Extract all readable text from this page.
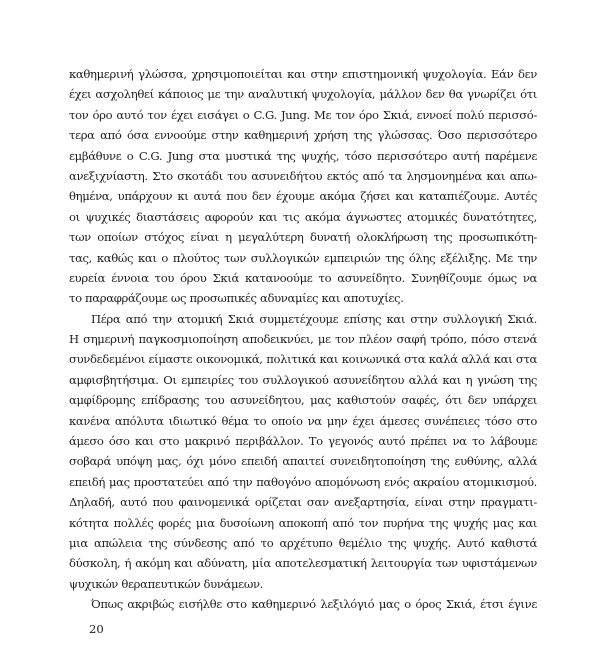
καθημερινή γλώσσα, χρησιμοποιείται και στην επιστημονική ψυχολογία. Εάν δεν
έχει ασχοληθεί κάποιος με την αναλυτική ψυχολογία, μάλλον δεν θα γνωρίζει ότι
τον όρο αυτό τον έχει εισάγει ο C.G. Jung. Με τον όρο Σκιά, εννοεί πολύ περισσό-
τερα από όσα εννοούμε στην καθημερινή χρήση της γλώσσας. Όσο περισσότερο
εμβάθυνε ο C.G. Jung στα μυστικά της ψυχής, τόσο περισσότερο αυτή παρέμενε
ανεξιχνίαστη. Στο σκοτάδι του ασυνειδήτου εκτός από τα λησμονημένα και απω-
θημένα, υπάρχουν κι αυτά που δεν έχουμε ακόμα ζήσει και καταπιέζουμε. Αυτές
οι ψυχικές διαστάσεις αφορούν και τις ακόμα άγνωστες ατομικές δυνατότητες,
των οποίων στόχος είναι η μεγαλύτερη δυνατή ολοκλήρωση της προσωπικότη-
τας, καθώς και ο πλούτος των συλλογικών εμπειριών της όλης εξέλιξης. Με την
ευρεία έννοια του όρου Σκιά κατανοούμε το ασυνείδητο. Συνηθίζουμε όμως να
το παραφράζουμε ως προσωπικές αδυναμίες και αποτυχίες.
Πέρα από την ατομική Σκιά συμμετέχουμε επίσης και στην συλλογική Σκιά.
Η σημερινή παγκοσμιοποίηση αποδεικνύει, με τον πλέον σαφή τρόπο, πόσο στενά
συνδεδεμένοι είμαστε οικονομικά, πολιτικά και κοινωνικά στα καλά αλλά και στα
αμφισβητήσιμα. Οι εμπειρίες του συλλογικού ασυνείδητου αλλά και η γνώση της
αμφίδρομης επίδρασης του ασυνείδητου, μας καθιστούν σαφές, ότι δεν υπάρχει
κανένα απόλυτα ιδιωτικό θέμα το οποίο να μην έχει άμεσες συνέπειες τόσο στο
άμεσο όσο και στο μακρινό περιβάλλον. Το γεγονός αυτό πρέπει να το λάβουμε
σοβαρά υπόψη μας, όχι μόνο επειδή απαιτεί συνειδητοποίηση της ευθύνης, αλλά
επειδή μας προστατεύει από την παθογόνο απομόνωση ενός ακραίου ατομικισμού.
Δηλαδή, αυτό που φαινομενικά ορίζεται σαν ανεξαρτησία, είναι στην πραγματι-
κότητα πολλές φορές μια δυσοίωνη αποκοπή από τον πυρήνα της ψυχής μας και
μια απώλεια της σύνδεσης από το αρχέτυπο θεμέλιο της ψυχής. Αυτό καθιστά
δύσκολη, ή ακόμη και αδύνατη, μία αποτελεσματική λειτουργία των υφιστάμενων
ψυχικών θεραπευτικών δυνάμεων.
Όπως ακριβώς εισήλθε στο καθημερινό λεξιλόγιό μας ο όρος Σκιά, έτσι έγινε
20
